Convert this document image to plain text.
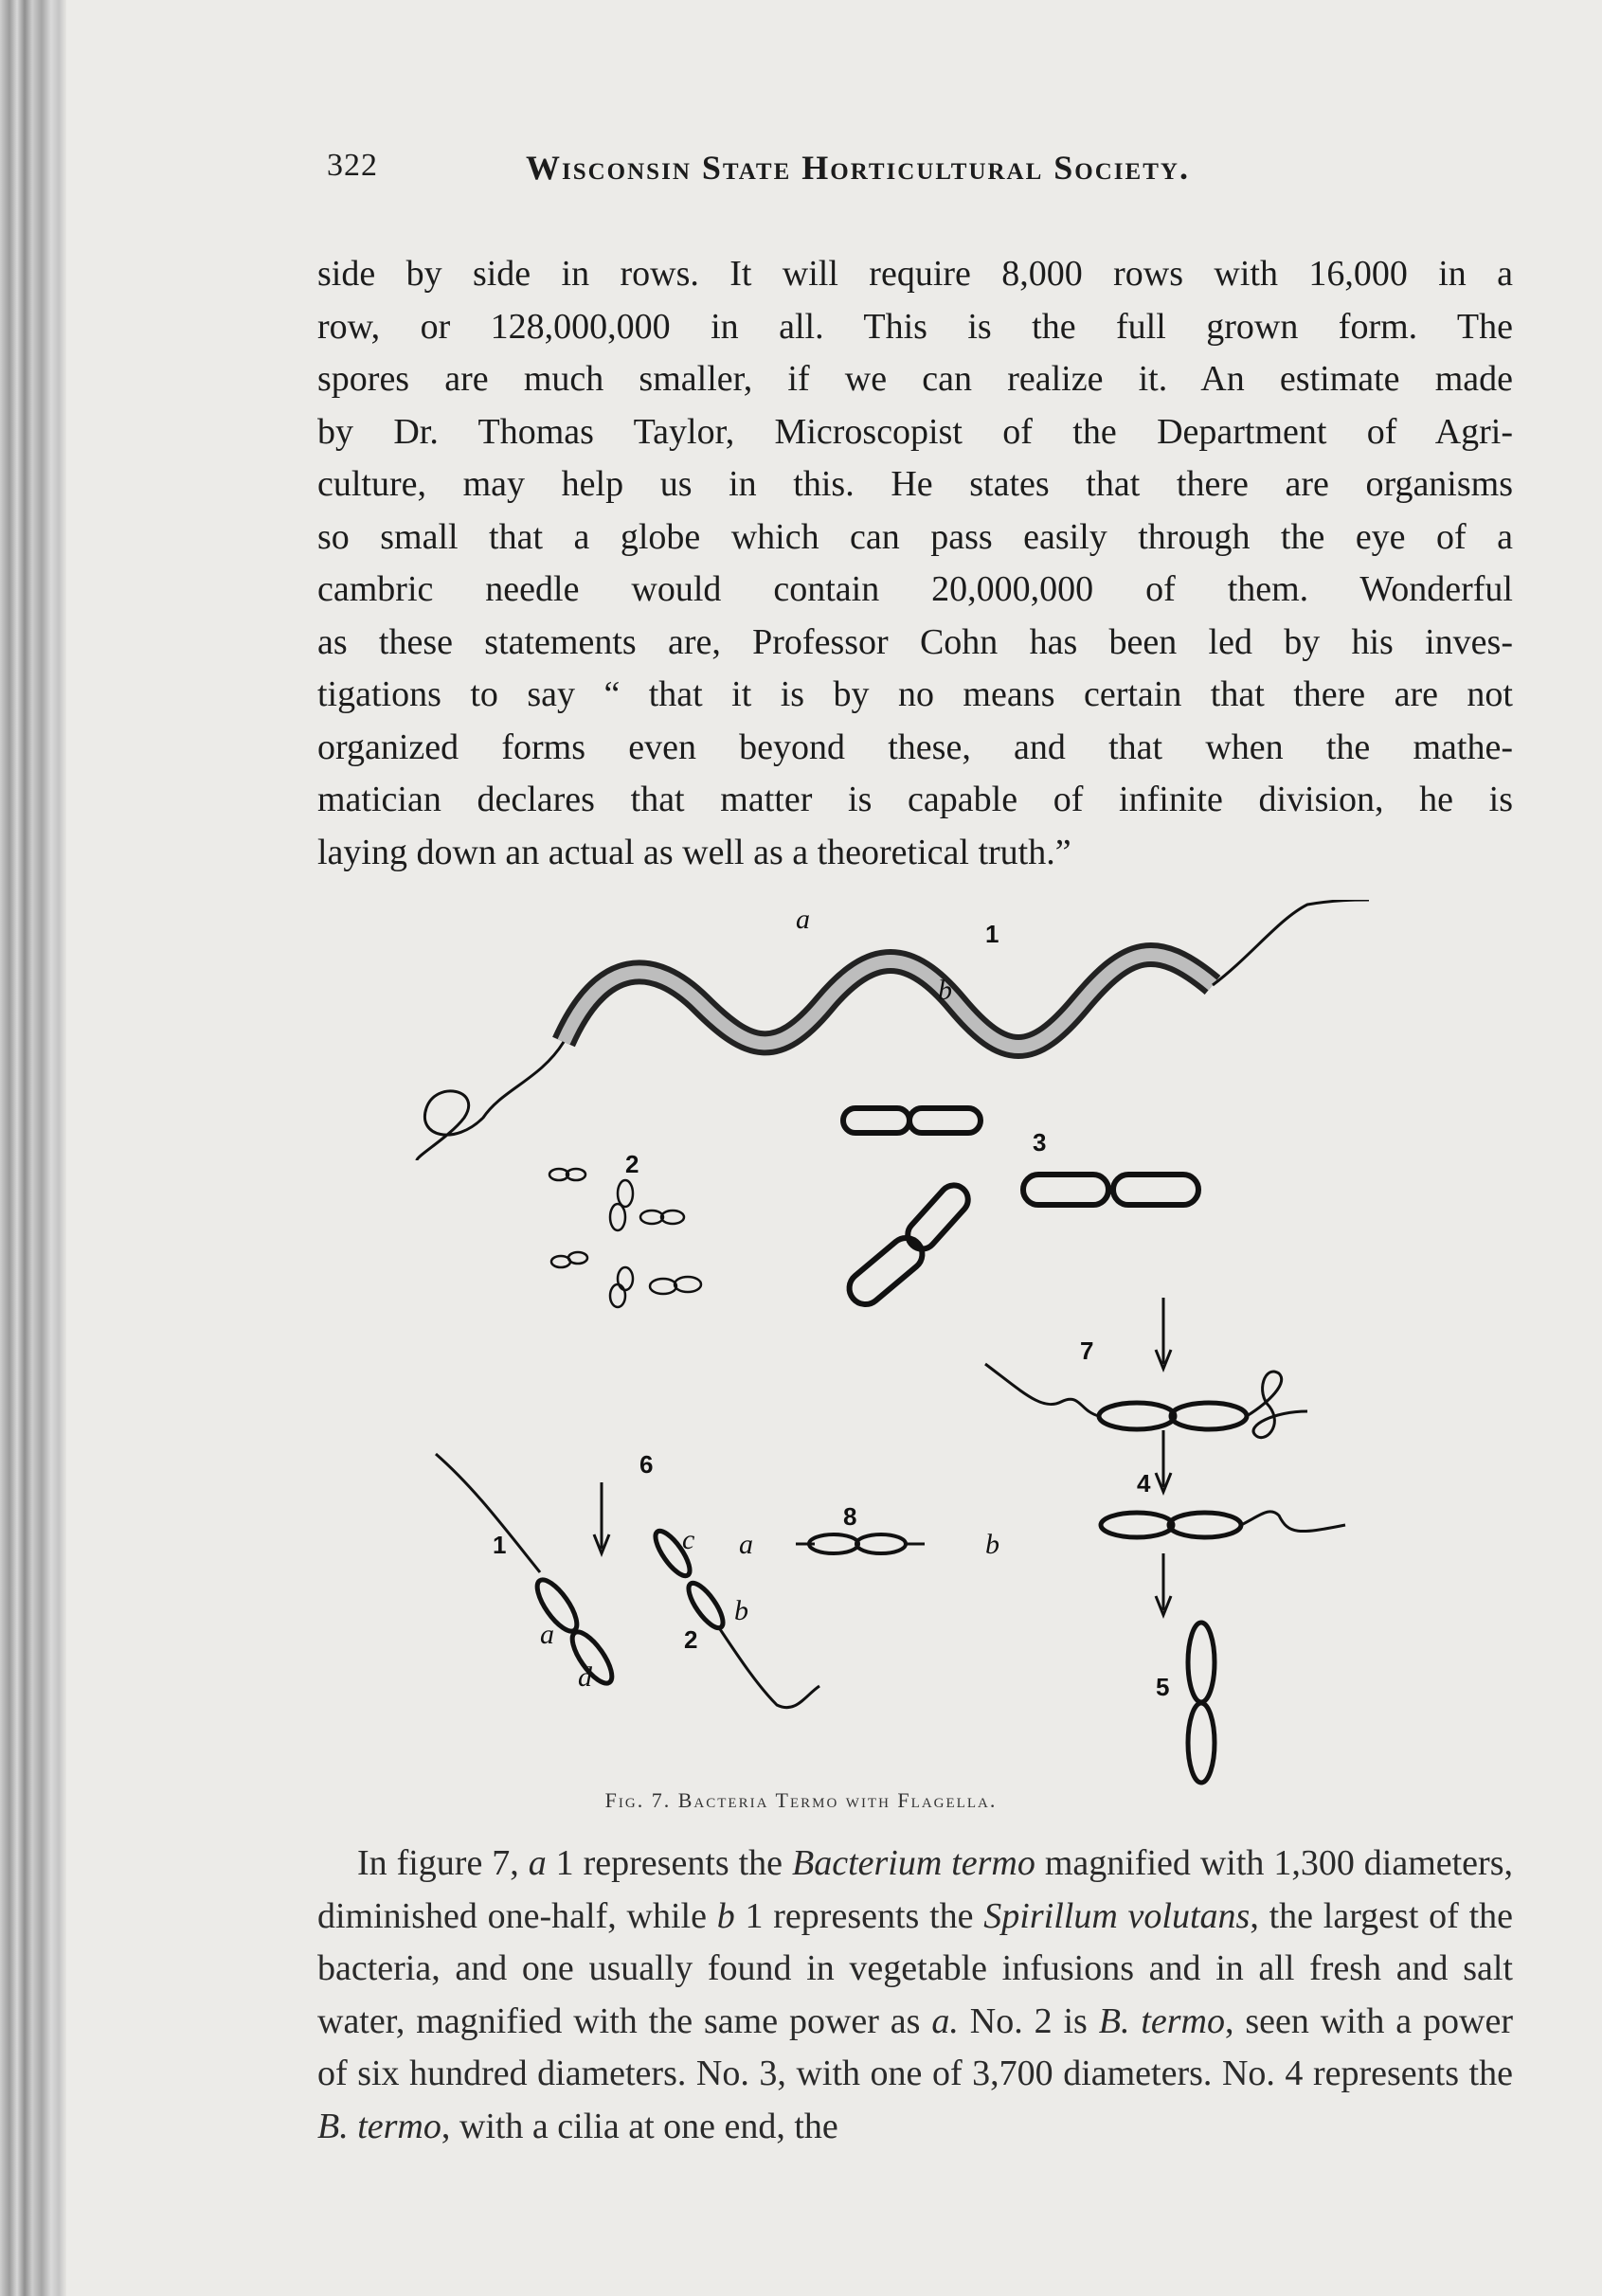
322	Wisconsin State Horticultural Society.

side by side in rows. It will require 8,000 rows with 16,000 in a
row, or 128,000,000 in all. This is the full grown form. The
spores are much smaller, if we can realize it. An estimate made
by Dr. Thomas Taylor, Microscopist of the Department of Agri-
culture, may help us in this. He states that there are organisms
so small that a globe which can pass easily through the eye of a
cambric needle would contain 20,000,000 of them. Wonderful
as these statements are, Professor Cohn has been led by his inves-
tigations to say “ that it is by no means certain that there are not
organized forms even beyond these, and that when the mathe-
matician declares that matter is capable of infinite division, he is
laying down an actual as well as a theoretical truth.”

a	1
b
2
3
7
4
5
6
8
a	b
1
a
d
2
b
c
Fig. 7. Bacteria Termo with Flagella.

In figure 7, a 1 represents the Bacterium termo magnified with 1,300 diameters, diminished one-half, while b 1 represents the Spirillum volutans, the largest of the bacteria, and one usually found in vegetable infusions and in all fresh and salt water, magnified with the same power as a. No. 2 is B. termo, seen with a power of six hundred diameters. No. 3, with one of 3,700 diameters. No. 4 represents the B. termo, with a cilia at one end, the
